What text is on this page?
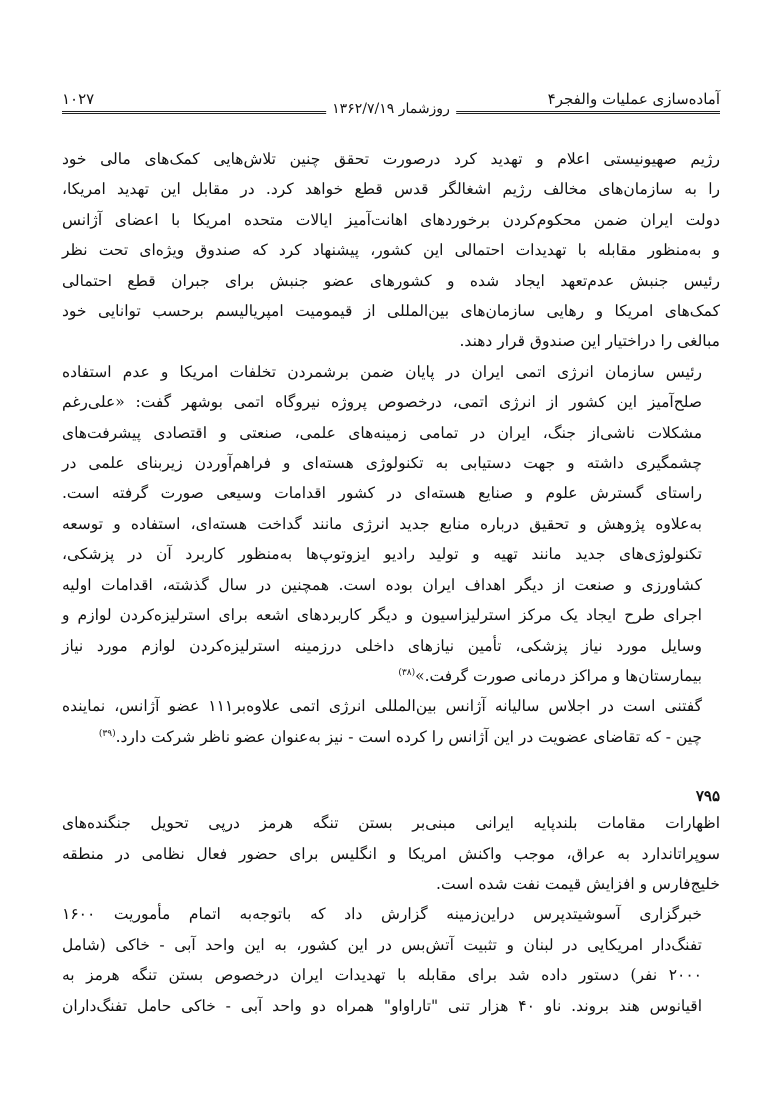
آماده‌سازی عملیات والفجر۴
۱۰۲۷
روزشمار ۱۳۶۲/۷/۱۹

رژیم صهیونیستی اعلام و تهدید کرد درصورت تحقق چنین تلاش‌هایی کمک‌های مالی خود
را به سازمان‌های مخالف رژیم اشغالگر قدس قطع خواهد کرد. در مقابل این تهدید امریکا،
دولت ایران ضمن محکوم‌کردن برخوردهای اهانت‌آمیز ایالات متحده امریکا با اعضای آژانس
و به‌منظور مقابله با تهدیدات احتمالی این کشور، پیشنهاد کرد که صندوق ویژه‌ای تحت نظر
رئیس جنبش عدم‌تعهد ایجاد شده و کشورهای عضو جنبش برای جبران قطع احتمالی
کمک‌های امریکا و رهایی سازمان‌های بین‌المللی از قیمومیت امپریالیسم برحسب توانایی خود
مبالغی را دراختیار این صندوق قرار دهند.

رئیس سازمان انرژی اتمی ایران در پایان ضمن برشمردن تخلفات امریکا و عدم استفاده
صلح‌آمیز این کشور از انرژی اتمی، درخصوص پروژه نیروگاه اتمی بوشهر گفت: «علی‌رغم
مشکلات ناشی‌از جنگ، ایران در تمامی زمینه‌های علمی، صنعتی و اقتصادی پیشرفت‌های
چشمگیری داشته و جهت دستیابی به تکنولوژی هسته‌ای و فراهم‌آوردن زیربنای علمی در
راستای گسترش علوم و صنایع هسته‌ای در کشور اقدامات وسیعی صورت گرفته است.
به‌علاوه پژوهش و تحقیق درباره منابع جدید انرژی مانند گداخت هسته‌ای، استفاده و توسعه
تکنولوژی‌های جدید مانند تهیه و تولید رادیو ایزوتوپ‌ها به‌منظور کاربرد آن در پزشکی،
کشاورزی و صنعت از دیگر اهداف ایران بوده است. همچنین در سال گذشته، اقدامات اولیه
اجرای طرح ایجاد یک مرکز استرلیزاسیون و دیگر کاربردهای اشعه برای استرلیزه‌کردن لوازم و
وسایل مورد نیاز پزشکی، تأمین نیازهای داخلی درزمینه استرلیزه‌کردن لوازم مورد نیاز
بیمارستان‌ها و مراکز درمانی صورت گرفت.»$^{(۳۸)}$

گفتنی است در اجلاس سالیانه آژانس بین‌المللی انرژی اتمی علاوه‌بر۱۱۱ عضو آژانس، نماینده
چین - که تقاضای عضویت در این آژانس را کرده است - نیز به‌عنوان عضو ناظر شرکت دارد.$^{(۳۹)}$

۷۹۵

اظهارات مقامات بلندپایه ایرانی مبنی‌بر بستن تنگه هرمز درپی تحویل جنگنده‌های
سوپراتاندارد به عراق، موجب واکنش امریکا و انگلیس برای حضور فعال نظامی در منطقه
خلیج‌فارس و افزایش قیمت نفت شده است.

خبرگزاری آسوشیتدپرس دراین‌زمینه گزارش داد که باتوجه‌به اتمام مأموریت ۱۶۰۰
تفنگ‌دار امریکایی در لبنان و تثبیت آتش‌بس در این کشور، به این واحد آبی - خاکی (شامل
۲۰۰۰ نفر) دستور داده شد برای مقابله با تهدیدات ایران درخصوص بستن تنگه هرمز به
اقیانوس هند بروند. ناو ۴۰ هزار تنی "تاراواو" همراه دو واحد آبی - خاکی حامل تفنگ‌داران
